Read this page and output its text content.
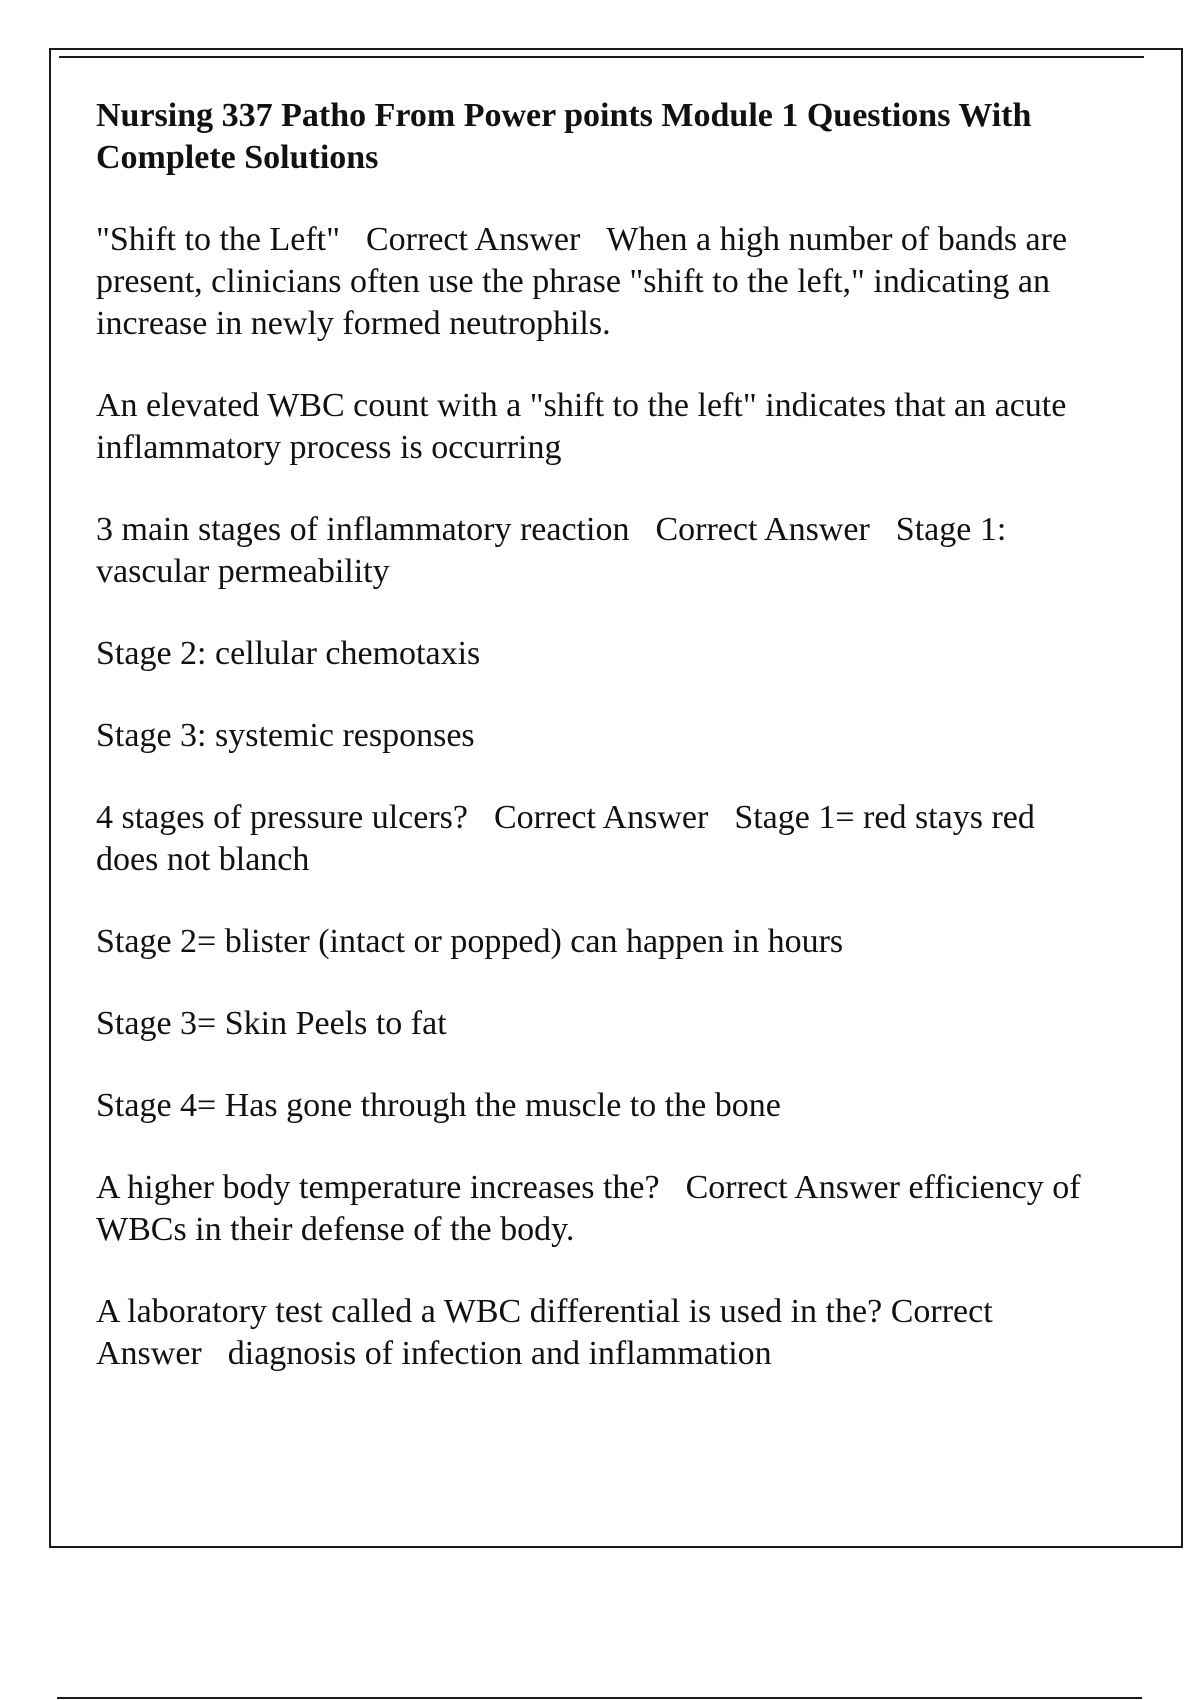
Nursing 337 Patho From Power points Module 1 Questions With Complete Solutions

"Shift to the Left" Correct Answer When a high number of bands are present, clinicians often use the phrase "shift to the left," indicating an increase in newly formed neutrophils.

An elevated WBC count with a "shift to the left" indicates that an acute inflammatory process is occurring

3 main stages of inflammatory reaction Correct Answer Stage 1: vascular permeability

Stage 2: cellular chemotaxis

Stage 3: systemic responses

4 stages of pressure ulcers? Correct Answer Stage 1= red stays red does not blanch

Stage 2= blister (intact or popped) can happen in hours

Stage 3= Skin Peels to fat

Stage 4= Has gone through the muscle to the bone

A higher body temperature increases the? Correct Answer efficiency of WBCs in their defense of the body.

A laboratory test called a WBC differential is used in the? Correct Answer diagnosis of infection and inflammation
